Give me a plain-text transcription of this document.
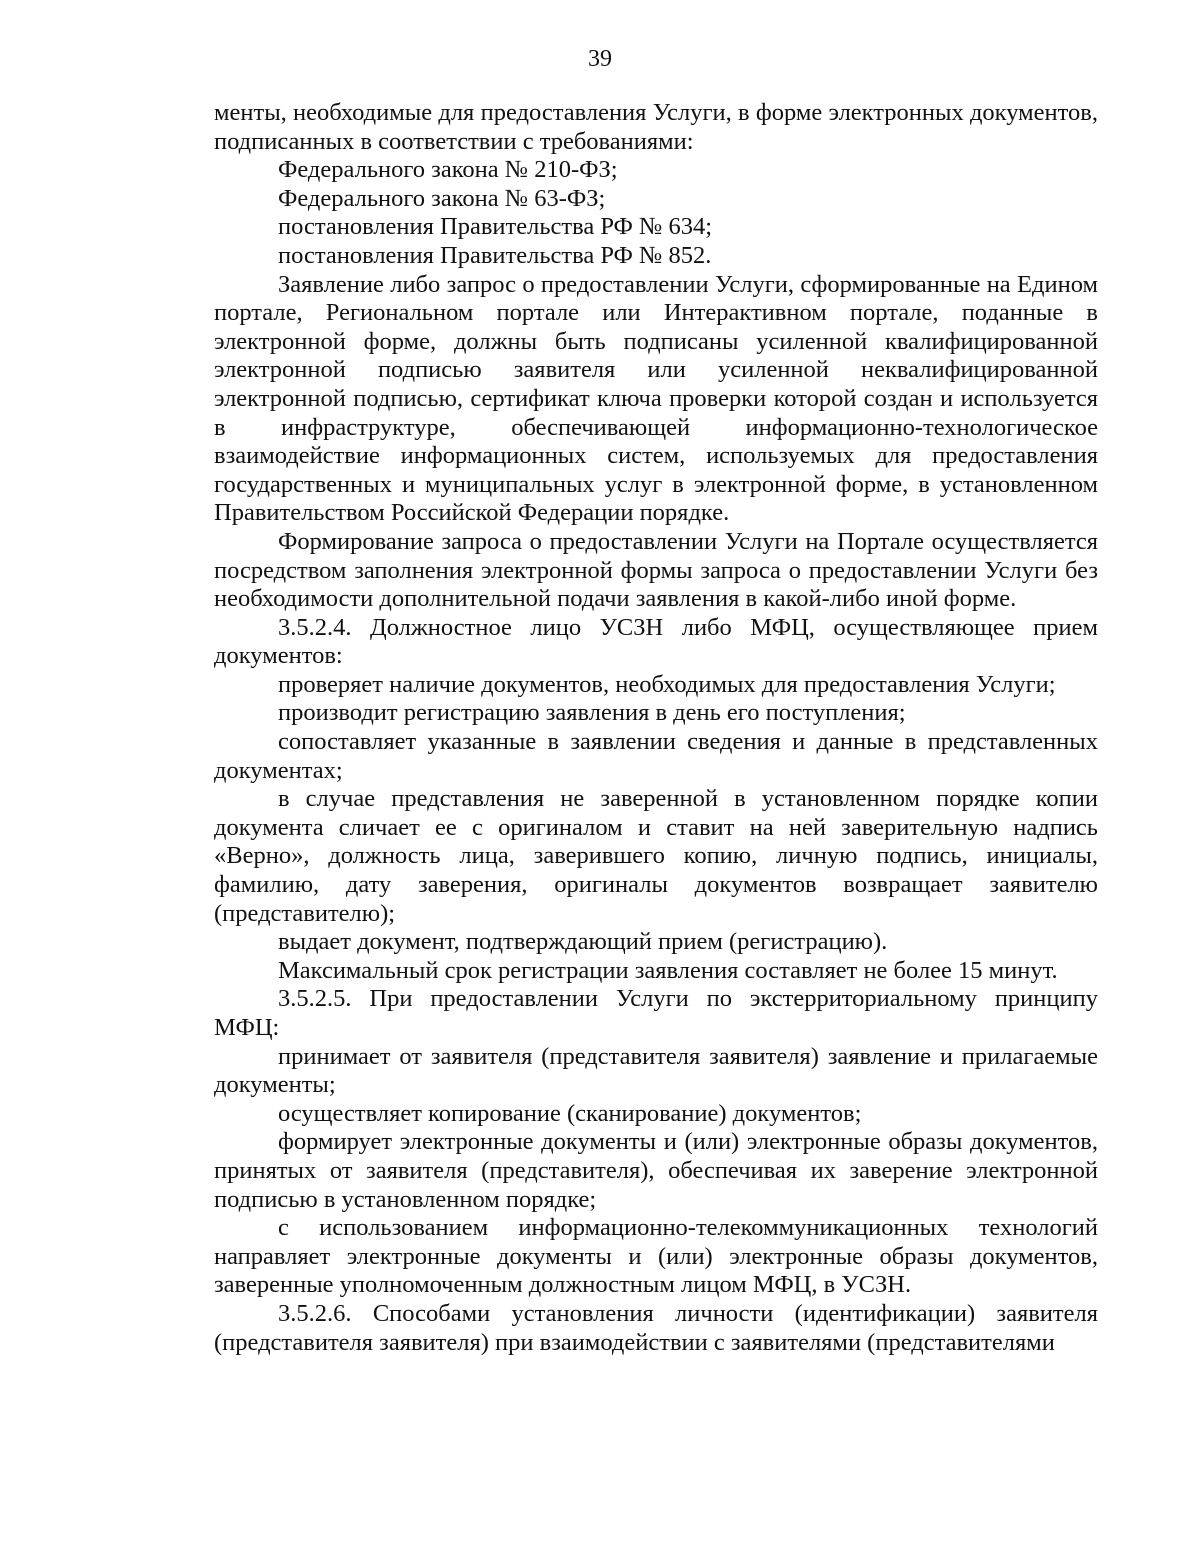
39

менты, необходимые для предоставления Услуги, в форме электронных документов, подписанных в соответствии с требованиями:

Федерального закона № 210-ФЗ;

Федерального закона № 63-ФЗ;

постановления Правительства РФ № 634;

постановления Правительства РФ № 852.

Заявление либо запрос о предоставлении Услуги, сформированные на Едином портале, Региональном портале или Интерактивном портале, поданные в электронной форме, должны быть подписаны усиленной квалифицированной электронной подписью заявителя или усиленной неквалифицированной электронной подписью, сертификат ключа проверки которой создан и используется в инфраструктуре, обеспечивающей информационно-технологическое взаимодействие информационных систем, используемых для предоставления государственных и муниципальных услуг в электронной форме, в установленном Правительством Российской Федерации порядке.

Формирование запроса о предоставлении Услуги на Портале осуществляется посредством заполнения электронной формы запроса о предоставлении Услуги без необходимости дополнительной подачи заявления в какой-либо иной форме.

3.5.2.4. Должностное лицо УСЗН либо МФЦ, осуществляющее прием документов:

проверяет наличие документов, необходимых для предоставления Услуги;

производит регистрацию заявления в день его поступления;

сопоставляет указанные в заявлении сведения и данные в представленных документах;

в случае представления не заверенной в установленном порядке копии документа сличает ее с оригиналом и ставит на ней заверительную надпись «Верно», должность лица, заверившего копию, личную подпись, инициалы, фамилию, дату заверения, оригиналы документов возвращает заявителю (представителю);

выдает документ, подтверждающий прием (регистрацию).

Максимальный срок регистрации заявления составляет не более 15 минут.

3.5.2.5. При предоставлении Услуги по экстерриториальному принципу МФЦ:

принимает от заявителя (представителя заявителя) заявление и прилагаемые документы;

осуществляет копирование (сканирование) документов;

формирует электронные документы и (или) электронные образы документов, принятых от заявителя (представителя), обеспечивая их заверение электронной подписью в установленном порядке;

с использованием информационно-телекоммуникационных технологий направляет электронные документы и (или) электронные образы документов, заверенные уполномоченным должностным лицом МФЦ, в УСЗН.

3.5.2.6. Способами установления личности (идентификации) заявителя (представителя заявителя) при взаимодействии с заявителями (представителями
